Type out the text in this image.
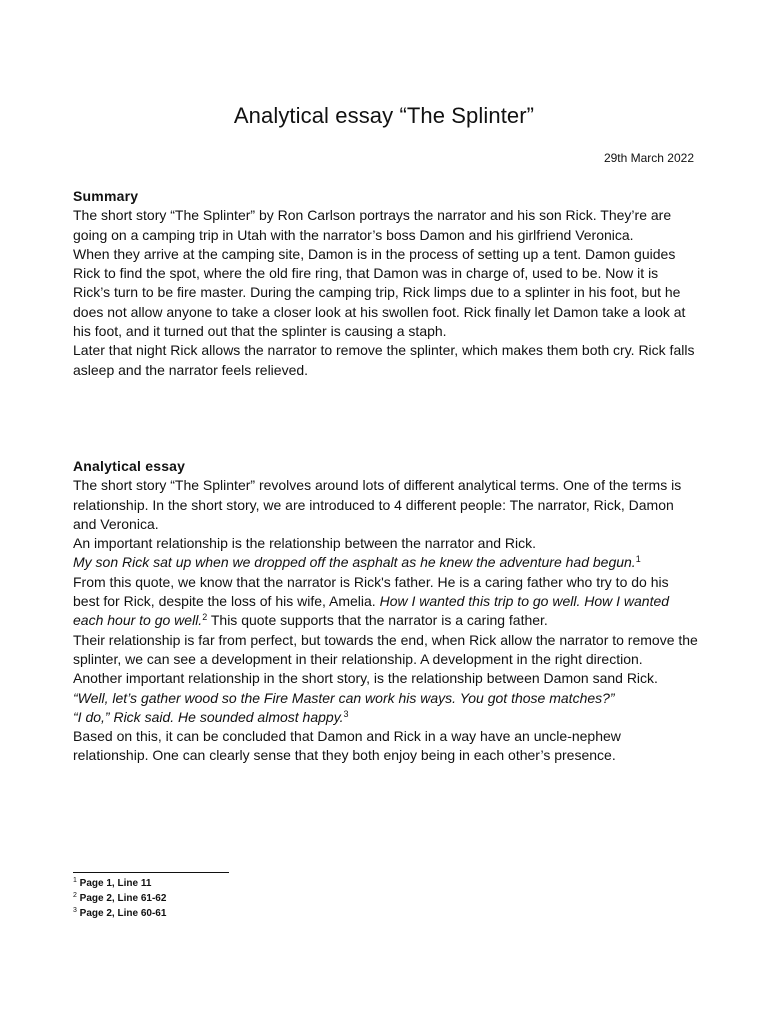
Analytical essay “The Splinter”
29th March 2022
Summary

The short story “The Splinter” by Ron Carlson portrays the narrator and his son Rick. They’re are going on a camping trip in Utah with the narrator’s boss Damon and his girlfriend Veronica.

When they arrive at the camping site, Damon is in the process of setting up a tent. Damon guides Rick to find the spot, where the old fire ring, that Damon was in charge of, used to be. Now it is Rick’s turn to be fire master. During the camping trip, Rick limps due to a splinter in his foot, but he does not allow anyone to take a closer look at his swollen foot. Rick finally let Damon take a look at his foot, and it turned out that the splinter is causing a staph.

Later that night Rick allows the narrator to remove the splinter, which makes them both cry. Rick falls asleep and the narrator feels relieved.

Analytical essay

The short story “The Splinter” revolves around lots of different analytical terms. One of the terms is relationship. In the short story, we are introduced to 4 different people: The narrator, Rick, Damon and Veronica.

An important relationship is the relationship between the narrator and Rick.

My son Rick sat up when we dropped off the asphalt as he knew the adventure had begun.$^1$

From this quote, we know that the narrator is Rick's father. He is a caring father who try to do his best for Rick, despite the loss of his wife, Amelia. How I wanted this trip to go well. How I wanted each hour to go well.$^2$ This quote supports that the narrator is a caring father.

Their relationship is far from perfect, but towards the end, when Rick allow the narrator to remove the splinter, we can see a development in their relationship. A development in the right direction.

Another important relationship in the short story, is the relationship between Damon sand Rick.

“Well, let’s gather wood so the Fire Master can work his ways. You got those matches?”

“I do,” Rick said. He sounded almost happy.$^3$

Based on this, it can be concluded that Damon and Rick in a way have an uncle-nephew relationship. One can clearly sense that they both enjoy being in each other’s presence.

$^1$ Page 1, Line 11
$^2$ Page 2, Line 61-62
$^3$ Page 2, Line 60-61
